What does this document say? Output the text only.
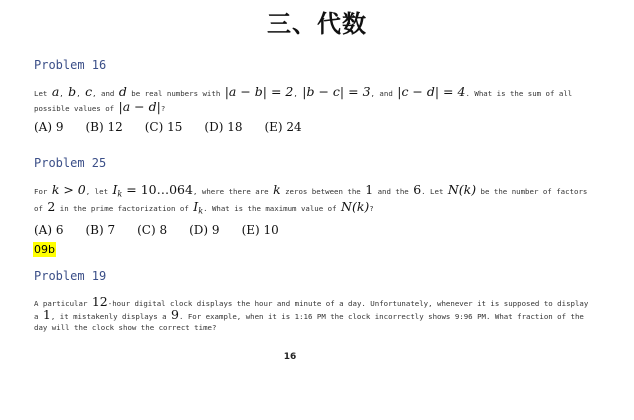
三、代数
Problem 16
Let a, b, c, and d be real numbers with |a − b| = 2, |b − c| = 3, and |c − d| = 4. What is the sum of all possible values of |a − d|?
(A) 9 (B) 12 (C) 15 (D) 18 (E) 24
Problem 25
For k > 0, let $I_k$ = 10…064, where there are k zeros between the 1 and the 6. Let N(k) be the number of factors of 2 in the prime factorization of $I_k$. What is the maximum value of N(k)?
(A) 6 (B) 7 (C) 8 (D) 9 (E) 10
09b
Problem 19
A particular 12-hour digital clock displays the hour and minute of a day. Unfortunately, whenever it is supposed to display a 1, it mistakenly displays a 9. For example, when it is 1:16 PM the clock incorrectly shows 9:96 PM. What fraction of the day will the clock show the correct time?
16
